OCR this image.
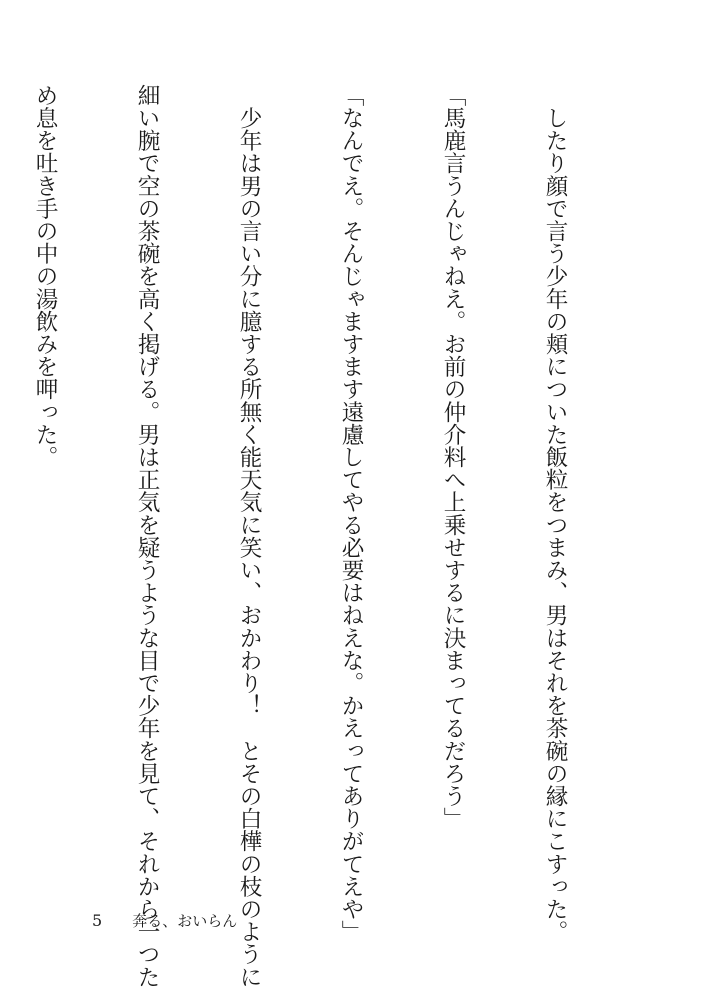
　したり顔で言う少年の頬についた飯粒をつまみ、男はそれを茶碗の縁にこすった。

「馬鹿言うんじゃねえ。お前の仲介料へ上乗せするに決まってるだろう」

「なんでえ。そんじゃますます遠慮してやる必要はねえな。かえってありがてえや」

　少年は男の言い分に臆する所無く能天気に笑い、おかわり！　とその白樺の枝のように

細い腕で空の茶碗を高く掲げる。男は正気を疑うような目で少年を見て、それから一つた

め息を吐き手の中の湯飲みを呷った。

5 奔る、おいらん
